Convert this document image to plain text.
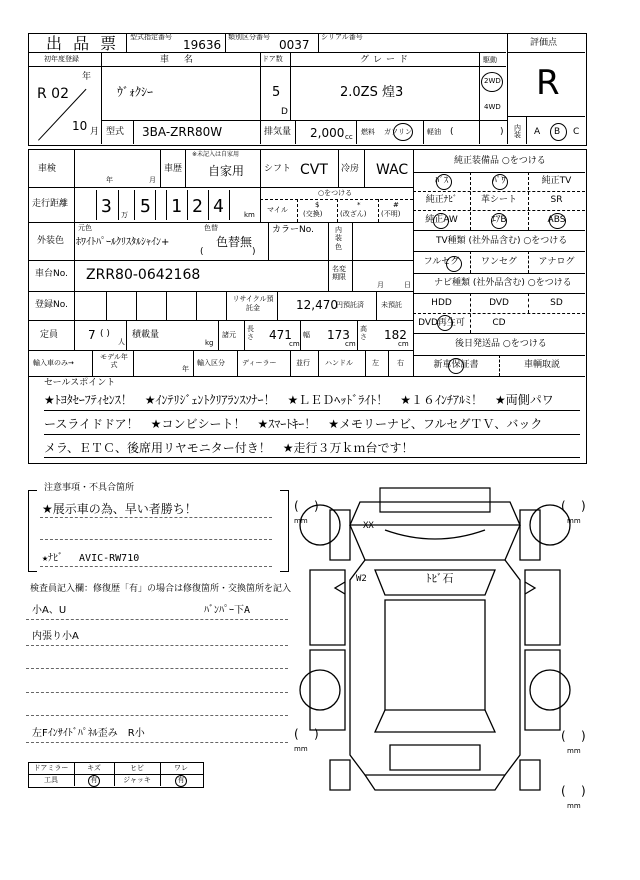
出 品 票 型式指定番号
19636
類別区分番号
0037
シリアル番号
評価点
R
初年度登録
年
R 02
10 月
車 名
ｳﾞｫｸｼｰ
ドア数
5
D
グレード
2.0ZS 煌3
駆動
2WD
4WD
型式 3BA-ZRR80W	排気量 2,000 cc
燃料 ガソリン 軽油 (	) 内装 A B C
車検
年	月
車歴
※未記入は自家用
自家用 シフト CVT 冷房 WAC
走行距離 3 万 5 1 2 4	km
○をつける
マイル
$
(交換)
*
(改ざん)
#
(不明)
外装色
元色
ﾎﾜｲﾄﾊﾟｰﾙｸﾘｽﾀﾙｼｬｲﾝ+
色替
色替無
(	)
カラーNo.	内装色
車台No. ZRR80-0642168	名変期限
月	日
登録No.
リサイクル預託金	12,470
円預託済 未預託
定員 7 ( )
人
積載量
kg
諸元
長さ 471
cm
幅 173
cm
高さ 182
cm
輸入車のみ→
モデル年式	年
輸入区分 ディーラー	並行 ハンドル	左	右
純正装備品 ○をつける
ﾊﾟｽ	ﾊﾟﾜ	純正TV
純正ﾅﾋﾞ	革シート	SR
純正AW	ｴｱB	ABS
TV種類 (社外品含む) ○をつける
フルセグ	ワンセグ	アナログ
ナビ種類 (社外品含む) ○をつける
HDD	DVD	SD
DVD再生可	CD
後日発送品 ○をつける
新車保証書	車輌取説
セールスポイント
★ﾄﾖﾀｾｰﾌﾃｨｾﾝｽ！　★ｲﾝﾃﾘｼﾞｪﾝﾄｸﾘｱﾗﾝｽｿﾅｰ！　★ＬＥＤﾍｯﾄﾞﾗｲﾄ！　★１６ｲﾝﾁｱﾙﾐ！　★両側パワ
ースライドドア！　★コンビシート！　★ｽﾏｰﾄｷｰ！　★メモリーナビ、フルセグＴＶ、バック
メラ、ＥＴＣ、後席用リヤモニター付き！　★走行３万ｋｍ台です！
注意事項・不具合箇所
★展示車の為、早い者勝ち！
★ﾅﾋﾞ　 AVIC-RW710
検査員記入欄：修復歴「有」の場合は修復箇所・交換箇所を記入
小A、U	ﾊﾞﾝﾊﾟｰ下A
内張り小A
左Fｲﾝｻｲﾄﾞﾊﾟﾈﾙ歪み　R小
ドアミラー	キズ	ヒビ	ワレ
工具	有	ジャッキ	有
XX
W2	ﾄﾋﾞ石
(    )
mm
(    )
mm
(    )
mm
(    )
mm
(    )
mm
